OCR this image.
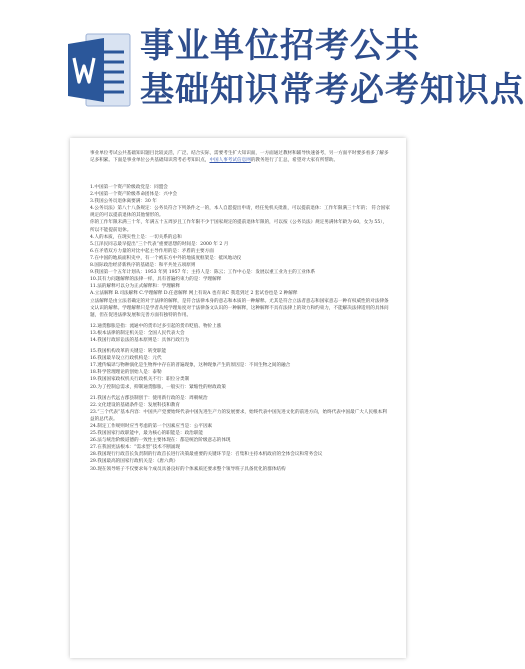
事业单位招考公共
基础知识常考必考知识点
事业单位考试公共基础知识题目比较灵活，广泛、结合实际，需要考生扩大知识面，一方面通过教材和辅导快速备考，另一方面平时要多看多了解多记多积累。下面是事业单位公共基础知识常考必考知识点，中国人事考试信息网的教务进行了汇总，希望对大家有所帮助。
1.中国第一个资产阶级政党是：同盟会
2.中国第一个资产阶级革命团体是：兴中会
3.我国公务员退休离要满：30 年
4.公务员法》第八十八条规定：公务员符合下列条件之一的，本人自愿提出申请，经任免机关批准，可以提前退休：工作年限满三十年的； 符合国家规定的可以提前退休的其他情形的。
你的工作年限未满三十年，年满五十五周岁且工作年限不少于国家规定的提前退休年限的，可以按《公务员法》规定男满休年龄为 60，女为 55），所以不能提前退休。
4.人的本质，在现实性上是：一切关系的总和
5.江泽民同志最早提出“三个代表”重要思想的时间是：2000 年 2 月
6.在矛盾双方力量的对比中起主导作用的是：矛盾的主要方面
7.在中国的地质面积史中，有一个被东方中外的地质度框架是：抵风地动仪
8.国际政治经济新秩序的基础是：和平共处五项原则
9.我国第一个五年计划从：1953 年到 1957 年；主持人是：陈云；工作中心是：发展以重工业为主的工业体系
10.其有力问题解释的法律一样，具有普遍约束力的是：学理解释
11.法的解释可以分为正式解释和：学理解释
A.立法解释 B.司法解释 C.学理解释 D.任意解释 网上有说A 也有说C 我选到过 2 套试卷也是 2 种解释
立法解释是由立法者确定的对于法律的解释，是符合法律本身的意志和本质的一种解释。尤其是符合立法者意志和国家意志一种有权威性的对法律条文认识的解释。学理解释只是学者从纯学理角度对于法律条文认识的一种解释，这种解释不具有法律上的效力和约束力，不能解决法律适用的具体问题，但在促进法律发展和完善方面有独特的作用。
12.通货膨胀是指：流通中的货币过多引起的货币贬值、物价上涨
13.根本法律的制定机关是：全国人民代表大会
14.我国行政诉讼法的基本原则是：具体行政行为
15.我国机构改革的关键是：转变职能
16.我国最早设立行政机构是：元代
17.透传编译与物种演化是生物界中存在的普遍现象，这种现象产生的原因是：不同生物之间的融合
18.科学管理理论的创始人是：泰勒
19.我国国家政权机关行政机关不行：职位分类制
20.为了控制总需求，抑制通货膨胀，一般实行：紧缩性的财政政策
21.我国古代远古郡县制创于：使用新行政的是：周朝统治
22.文化建设的基础条件是：发展科技和教育
23.“三个代表”基本内容：中国共产党要始终代表中国先进生产力的发展要求，始终代表中国先进文化的前进方向，始终代表中国最广大人民根本利益的总代表。
24.制定工作规则时应当考虑的第一个因素应当是：公平因素
25.我国国家行政职能中，最为核心的职能是：政治职能
26.法与统治阶级道德的一致性主要体现在：都是统治阶级意志的体现
27.在我国宪法根本：“需求型”技术不断涌现
28.我国现行行政首长负责制的行政首长进行决策最重要的关键环节是：召集和主持本机政府的全体会议和常务会议
29.我国最高的国家行政机关是：《唐六典》
30.现在领导班子不仅要求每个成员具备良好的个体素质还要求整个领导班子具备优化的群体结构
